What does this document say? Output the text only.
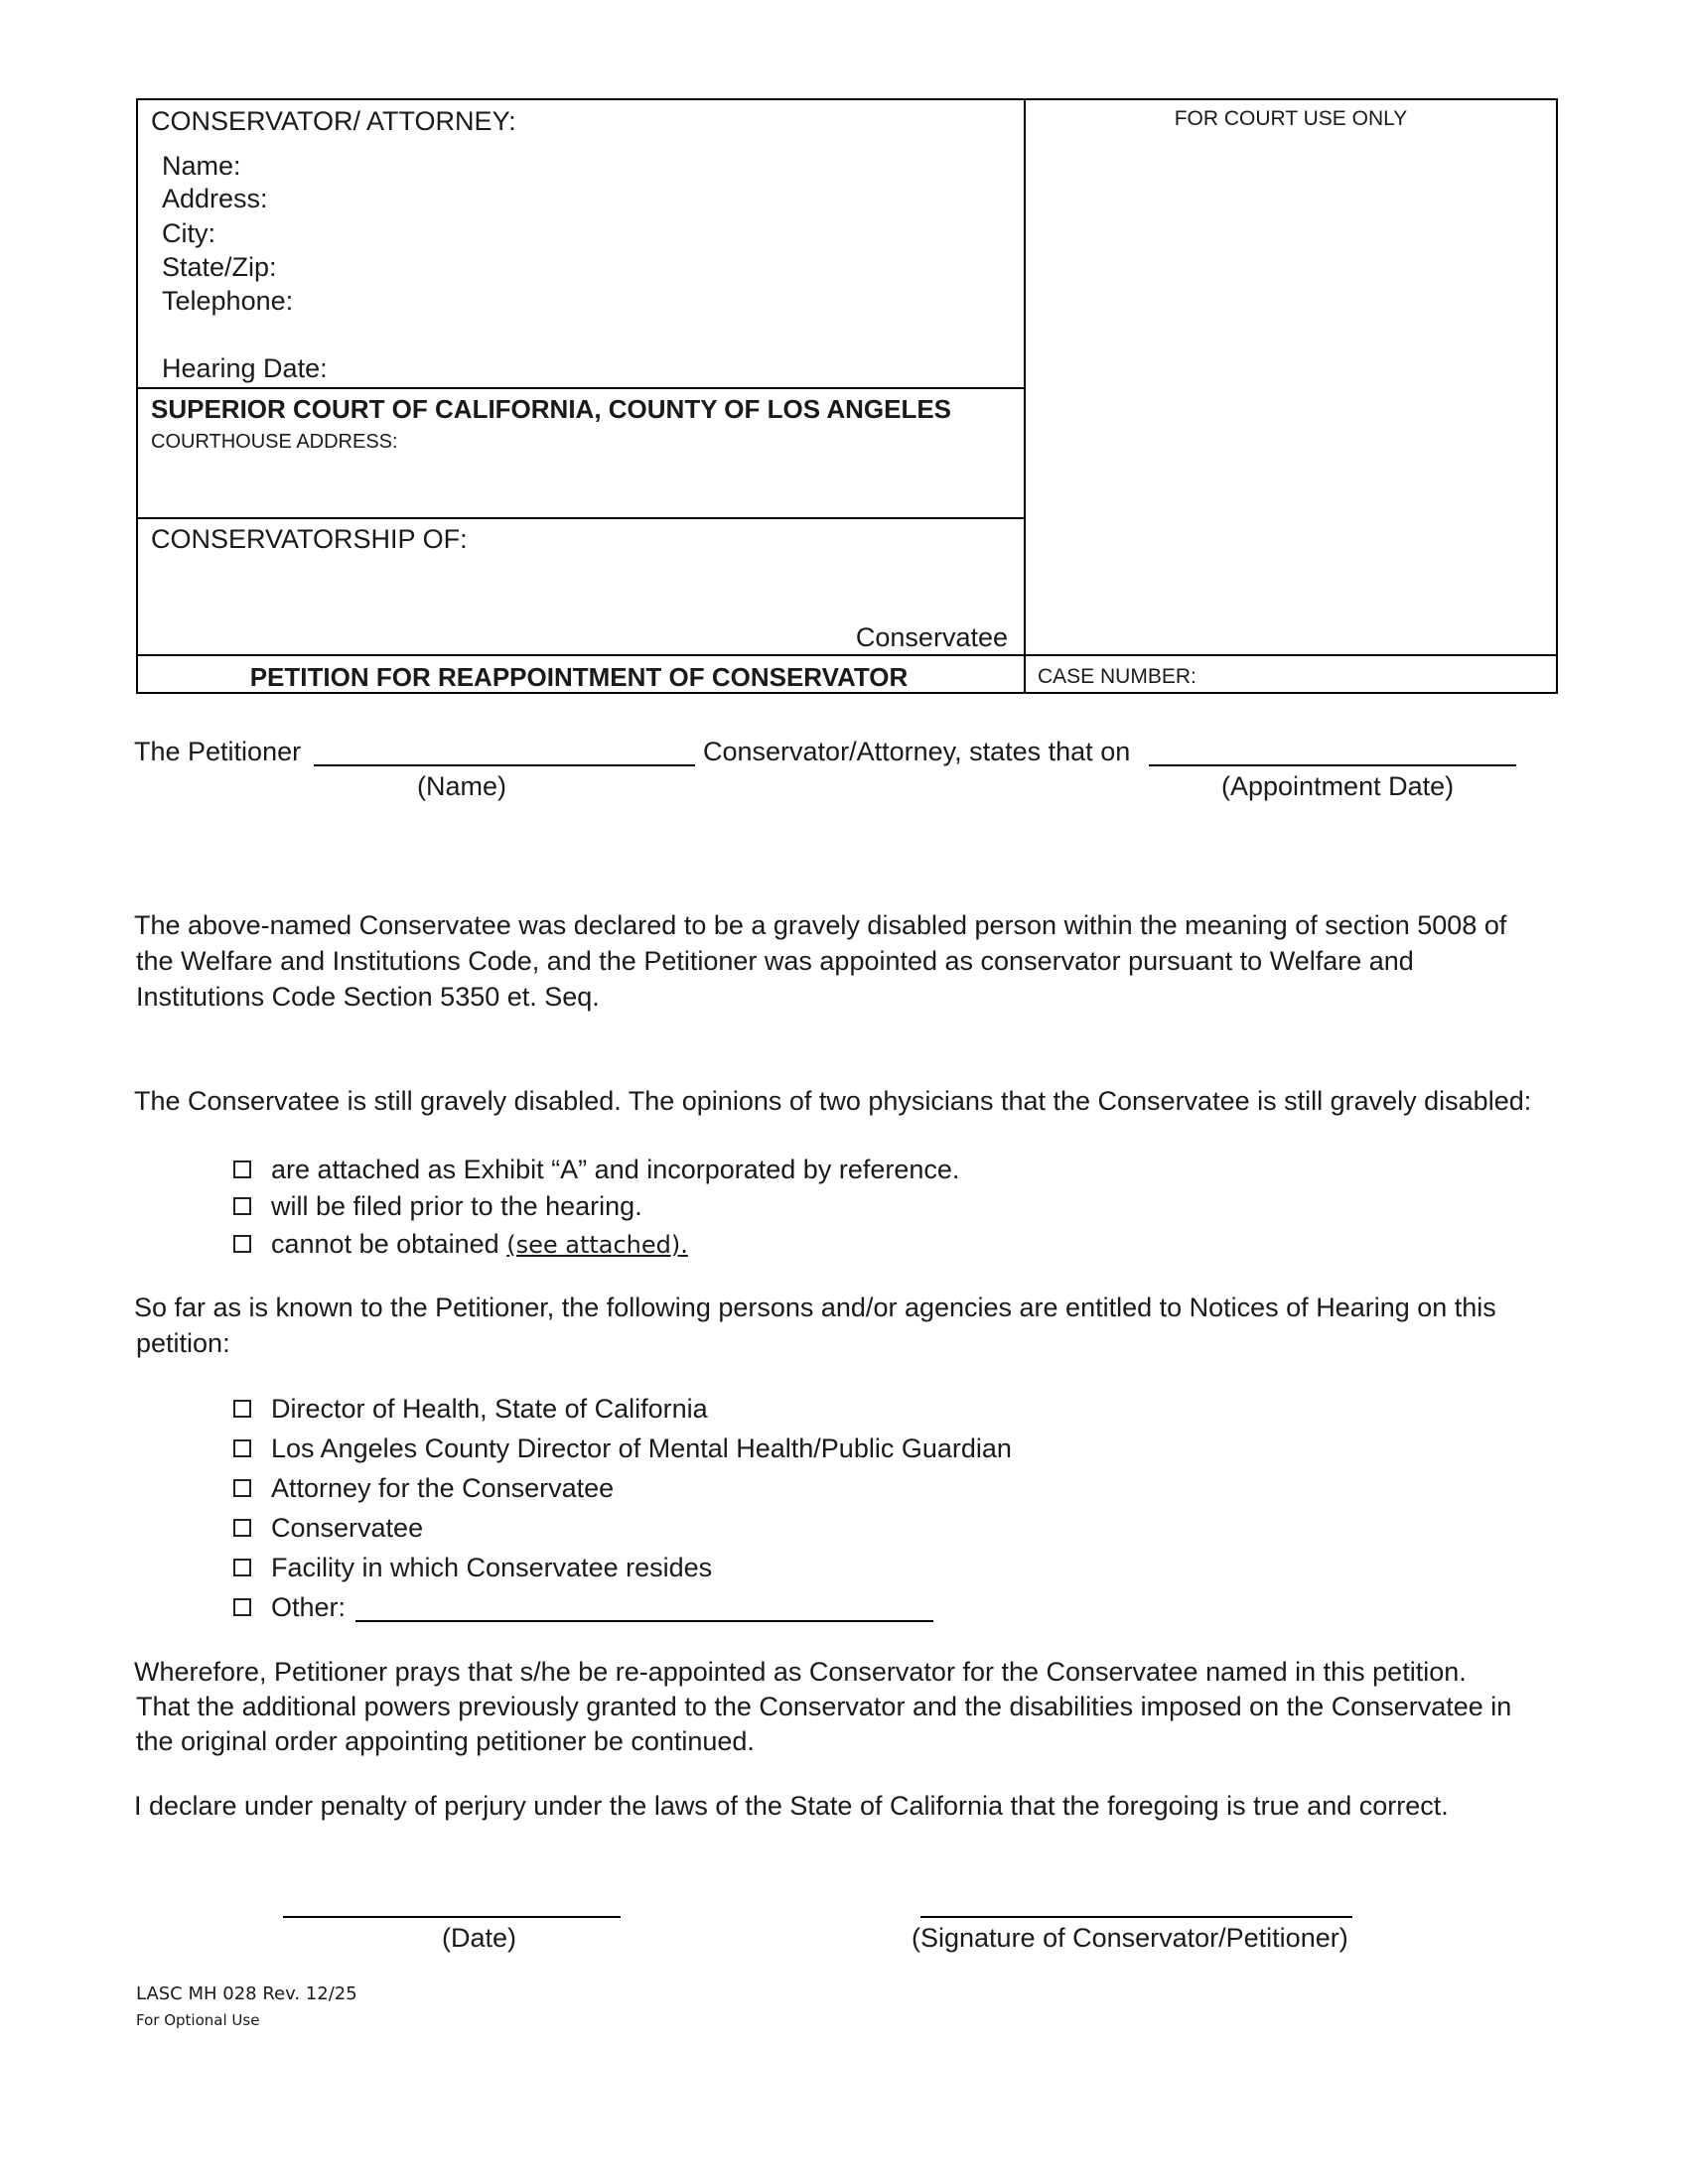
CONSERVATOR/ ATTORNEY:
Name:
Address:
City:
State/Zip:
Telephone:
Hearing Date:
FOR COURT USE ONLY
SUPERIOR COURT OF CALIFORNIA, COUNTY OF LOS ANGELES
COURTHOUSE ADDRESS:
CONSERVATORSHIP OF:
Conservatee
PETITION FOR REAPPOINTMENT OF CONSERVATOR	CASE NUMBER:
The Petitioner	Conservator/Attorney, states that on
(Name)	(Appointment Date)
The above-named Conservatee was declared to be a gravely disabled person within the meaning of section 5008 of
the Welfare and Institutions Code, and the Petitioner was appointed as conservator pursuant to Welfare and
Institutions Code Section 5350 et. Seq.
The Conservatee is still gravely disabled. The opinions of two physicians that the Conservatee is still gravely disabled:
are attached as Exhibit “A” and incorporated by reference.
will be filed prior to the hearing.
cannot be obtained (see attached).
So far as is known to the Petitioner, the following persons and/or agencies are entitled to Notices of Hearing on this
petition:
Director of Health, State of California
Los Angeles County Director of Mental Health/Public Guardian
Attorney for the Conservatee
Conservatee
Facility in which Conservatee resides
Other:
Wherefore, Petitioner prays that s/he be re-appointed as Conservator for the Conservatee named in this petition.
That the additional powers previously granted to the Conservator and the disabilities imposed on the Conservatee in
the original order appointing petitioner be continued.
I declare under penalty of perjury under the laws of the State of California that the foregoing is true and correct.
(Date)	(Signature of Conservator/Petitioner)
LASC MH 028 Rev. 12/25
For Optional Use
